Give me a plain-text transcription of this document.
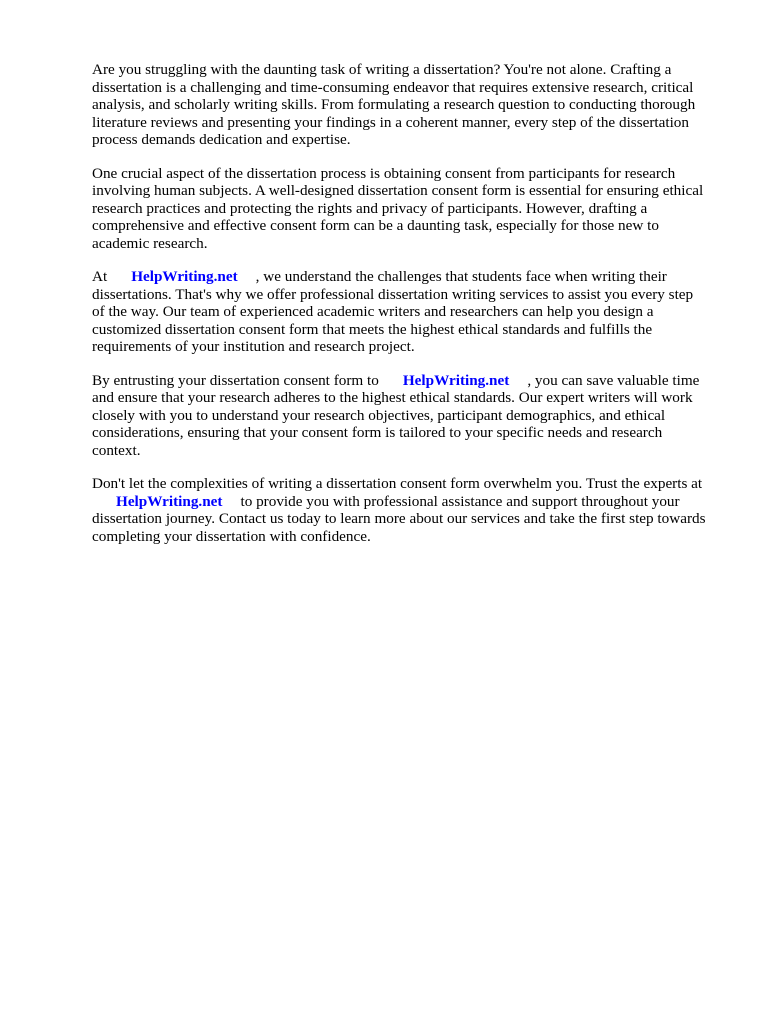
Are you struggling with the daunting task of writing a dissertation? You're not alone. Crafting a
dissertation is a challenging and time-consuming endeavor that requires extensive research, critical
analysis, and scholarly writing skills. From formulating a research question to conducting thorough
literature reviews and presenting your findings in a coherent manner, every step of the dissertation
process demands dedication and expertise.

One crucial aspect of the dissertation process is obtaining consent from participants for research
involving human subjects. A well-designed dissertation consent form is essential for ensuring ethical
research practices and protecting the rights and privacy of participants. However, drafting a
comprehensive and effective consent form can be a daunting task, especially for those new to
academic research.

At HelpWriting.net , we understand the challenges that students face when writing their
dissertations. That's why we offer professional dissertation writing services to assist you every step
of the way. Our team of experienced academic writers and researchers can help you design a
customized dissertation consent form that meets the highest ethical standards and fulfills the
requirements of your institution and research project.

By entrusting your dissertation consent form to HelpWriting.net , you can save valuable time
and ensure that your research adheres to the highest ethical standards. Our expert writers will work
closely with you to understand your research objectives, participant demographics, and ethical
considerations, ensuring that your consent form is tailored to your specific needs and research
context.

Don't let the complexities of writing a dissertation consent form overwhelm you. Trust the experts at
HelpWriting.net to provide you with professional assistance and support throughout your
dissertation journey. Contact us today to learn more about our services and take the first step towards
completing your dissertation with confidence.
